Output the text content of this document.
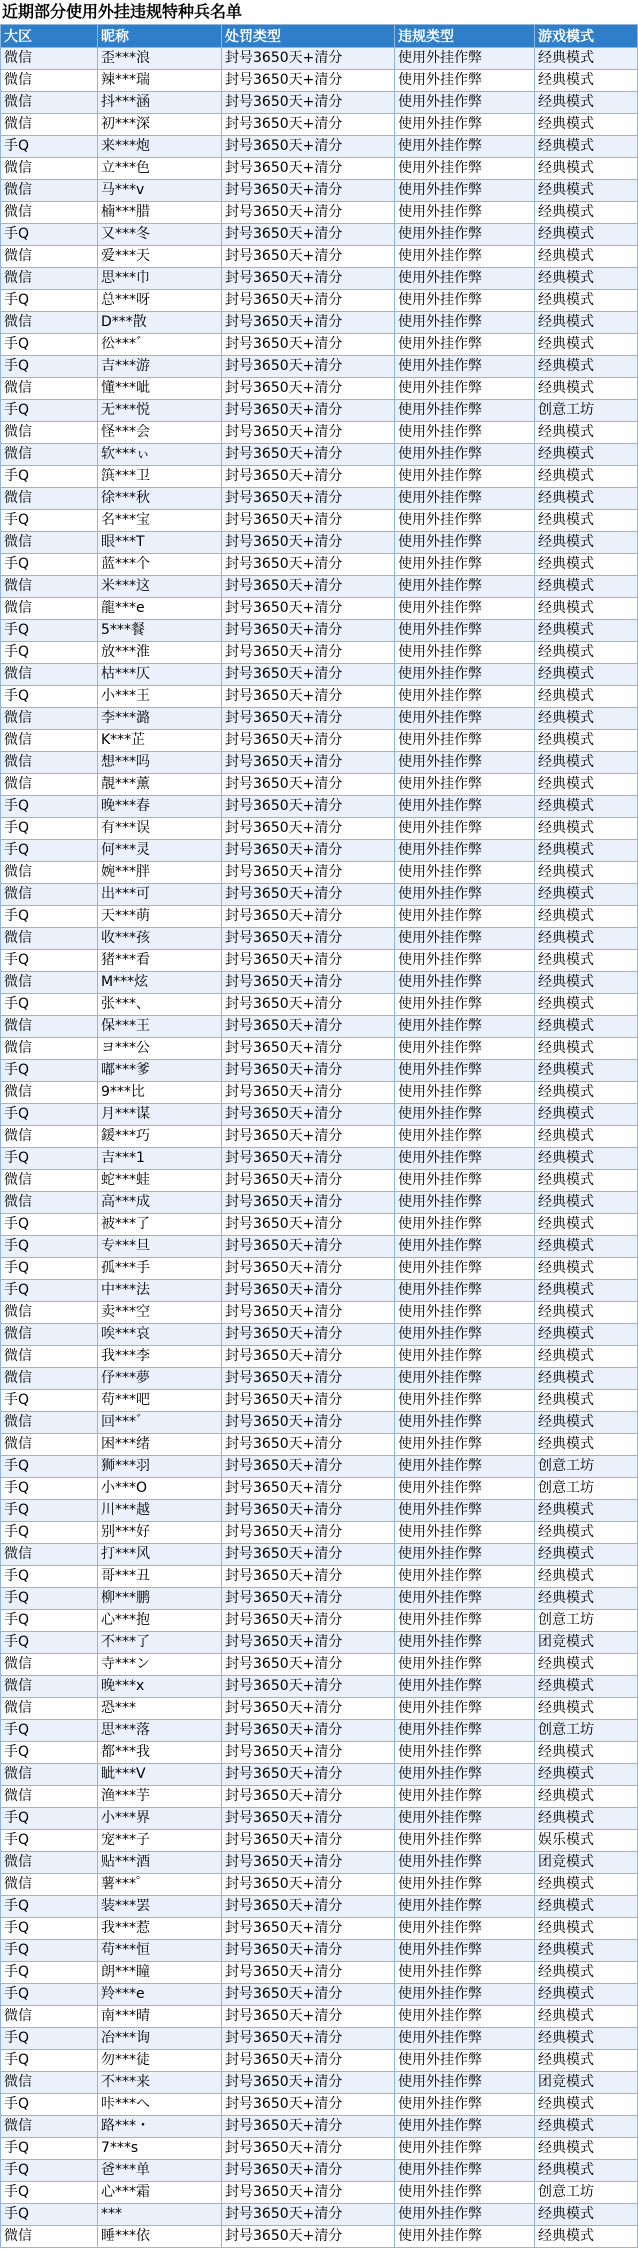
近期部分使用外挂违规特种兵名单
大区	昵称	处罚类型	违规类型	游戏模式
微信	歪***浪	封号3650天+清分	使用外挂作弊	经典模式
微信	辣***瑞	封号3650天+清分	使用外挂作弊	经典模式
微信	抖***涵	封号3650天+清分	使用外挂作弊	经典模式
微信	初***深	封号3650天+清分	使用外挂作弊	经典模式
手Q	来***炮	封号3650天+清分	使用外挂作弊	经典模式
微信	立***色	封号3650天+清分	使用外挂作弊	经典模式
微信	马***v	封号3650天+清分	使用外挂作弊	经典模式
微信	楠***腊	封号3650天+清分	使用外挂作弊	经典模式
手Q	又***冬	封号3650天+清分	使用外挂作弊	经典模式
微信	爱***天	封号3650天+清分	使用外挂作弊	经典模式
微信	思***巾	封号3650天+清分	使用外挂作弊	经典模式
手Q	总***呀	封号3650天+清分	使用外挂作弊	经典模式
微信	D***散	封号3650天+清分	使用外挂作弊	经典模式
手Q	彸***゛	封号3650天+清分	使用外挂作弊	经典模式
手Q	吉***游	封号3650天+清分	使用外挂作弊	经典模式
微信	懂***呲	封号3650天+清分	使用外挂作弊	经典模式
手Q	无***悦	封号3650天+清分	使用外挂作弊	创意工坊
微信	怪***会	封号3650天+清分	使用外挂作弊	经典模式
微信	软***ぃ	封号3650天+清分	使用外挂作弊	经典模式
手Q	篊***卫	封号3650天+清分	使用外挂作弊	经典模式
微信	徐***秋	封号3650天+清分	使用外挂作弊	经典模式
手Q	名***宝	封号3650天+清分	使用外挂作弊	经典模式
微信	眼***T	封号3650天+清分	使用外挂作弊	经典模式
手Q	蓝***个	封号3650天+清分	使用外挂作弊	经典模式
微信	米***这	封号3650天+清分	使用外挂作弊	经典模式
微信	龍***e	封号3650天+清分	使用外挂作弊	经典模式
手Q	5***餐	封号3650天+清分	使用外挂作弊	经典模式
手Q	放***淮	封号3650天+清分	使用外挂作弊	经典模式
微信	枯***仄	封号3650天+清分	使用外挂作弊	经典模式
手Q	小***王	封号3650天+清分	使用外挂作弊	经典模式
微信	李***潞	封号3650天+清分	使用外挂作弊	经典模式
微信	K***芷	封号3650天+清分	使用外挂作弊	经典模式
微信	想***吗	封号3650天+清分	使用外挂作弊	经典模式
微信	靚***薰	封号3650天+清分	使用外挂作弊	经典模式
手Q	晚***春	封号3650天+清分	使用外挂作弊	经典模式
手Q	有***误	封号3650天+清分	使用外挂作弊	经典模式
手Q	何***灵	封号3650天+清分	使用外挂作弊	经典模式
微信	婉***胖	封号3650天+清分	使用外挂作弊	经典模式
微信	出***可	封号3650天+清分	使用外挂作弊	经典模式
手Q	天***萌	封号3650天+清分	使用外挂作弊	经典模式
微信	收***孩	封号3650天+清分	使用外挂作弊	经典模式
手Q	猪***看	封号3650天+清分	使用外挂作弊	经典模式
微信	M***炫	封号3650天+清分	使用外挂作弊	经典模式
手Q	张***、	封号3650天+清分	使用外挂作弊	经典模式
微信	保***王	封号3650天+清分	使用外挂作弊	经典模式
微信	ヨ***公	封号3650天+清分	使用外挂作弊	经典模式
手Q	嘟***爹	封号3650天+清分	使用外挂作弊	经典模式
微信	9***比	封号3650天+清分	使用外挂作弊	经典模式
手Q	月***谋	封号3650天+清分	使用外挂作弊	经典模式
微信	鍰***巧	封号3650天+清分	使用外挂作弊	经典模式
手Q	吉***1	封号3650天+清分	使用外挂作弊	经典模式
微信	蛇***蛙	封号3650天+清分	使用外挂作弊	经典模式
微信	高***成	封号3650天+清分	使用外挂作弊	经典模式
手Q	被***了	封号3650天+清分	使用外挂作弊	经典模式
手Q	专***旦	封号3650天+清分	使用外挂作弊	经典模式
手Q	孤***手	封号3650天+清分	使用外挂作弊	经典模式
手Q	中***法	封号3650天+清分	使用外挂作弊	经典模式
微信	卖***空	封号3650天+清分	使用外挂作弊	经典模式
微信	唉***哀	封号3650天+清分	使用外挂作弊	经典模式
微信	我***李	封号3650天+清分	使用外挂作弊	经典模式
微信	伃***夢	封号3650天+清分	使用外挂作弊	经典模式
手Q	苟***吧	封号3650天+清分	使用外挂作弊	经典模式
微信	回***゛	封号3650天+清分	使用外挂作弊	经典模式
微信	困***绪	封号3650天+清分	使用外挂作弊	经典模式
手Q	狮***羽	封号3650天+清分	使用外挂作弊	创意工坊
手Q	小***O	封号3650天+清分	使用外挂作弊	创意工坊
手Q	川***越	封号3650天+清分	使用外挂作弊	经典模式
手Q	别***好	封号3650天+清分	使用外挂作弊	经典模式
微信	打***风	封号3650天+清分	使用外挂作弊	经典模式
手Q	哥***丑	封号3650天+清分	使用外挂作弊	经典模式
手Q	柳***鹏	封号3650天+清分	使用外挂作弊	经典模式
手Q	心***抱	封号3650天+清分	使用外挂作弊	创意工坊
手Q	不***了	封号3650天+清分	使用外挂作弊	团竞模式
微信	寺***ン	封号3650天+清分	使用外挂作弊	经典模式
微信	晚***x	封号3650天+清分	使用外挂作弊	经典模式
微信	恐***	封号3650天+清分	使用外挂作弊	经典模式
手Q	思***落	封号3650天+清分	使用外挂作弊	创意工坊
手Q	都***我	封号3650天+清分	使用外挂作弊	经典模式
微信	眦***V	封号3650天+清分	使用外挂作弊	经典模式
微信	渔***芋	封号3650天+清分	使用外挂作弊	经典模式
手Q	小***界	封号3650天+清分	使用外挂作弊	经典模式
手Q	宠***子	封号3650天+清分	使用外挂作弊	娱乐模式
微信	贴***酒	封号3650天+清分	使用外挂作弊	团竞模式
微信	薯***゜	封号3650天+清分	使用外挂作弊	经典模式
手Q	装***罢	封号3650天+清分	使用外挂作弊	经典模式
手Q	我***惹	封号3650天+清分	使用外挂作弊	经典模式
手Q	苟***恒	封号3650天+清分	使用外挂作弊	经典模式
手Q	朗***瞳	封号3650天+清分	使用外挂作弊	经典模式
手Q	羚***e	封号3650天+清分	使用外挂作弊	经典模式
微信	南***晴	封号3650天+清分	使用外挂作弊	经典模式
手Q	冶***询	封号3650天+清分	使用外挂作弊	经典模式
手Q	勿***徒	封号3650天+清分	使用外挂作弊	经典模式
微信	不***来	封号3650天+清分	使用外挂作弊	团竞模式
手Q	咔***へ	封号3650天+清分	使用外挂作弊	经典模式
微信	路***・	封号3650天+清分	使用外挂作弊	经典模式
手Q	7***s	封号3650天+清分	使用外挂作弊	经典模式
手Q	爸***单	封号3650天+清分	使用外挂作弊	经典模式
手Q	心***霜	封号3650天+清分	使用外挂作弊	创意工坊
手Q	***	封号3650天+清分	使用外挂作弊	经典模式
微信	睡***依	封号3650天+清分	使用外挂作弊	经典模式
